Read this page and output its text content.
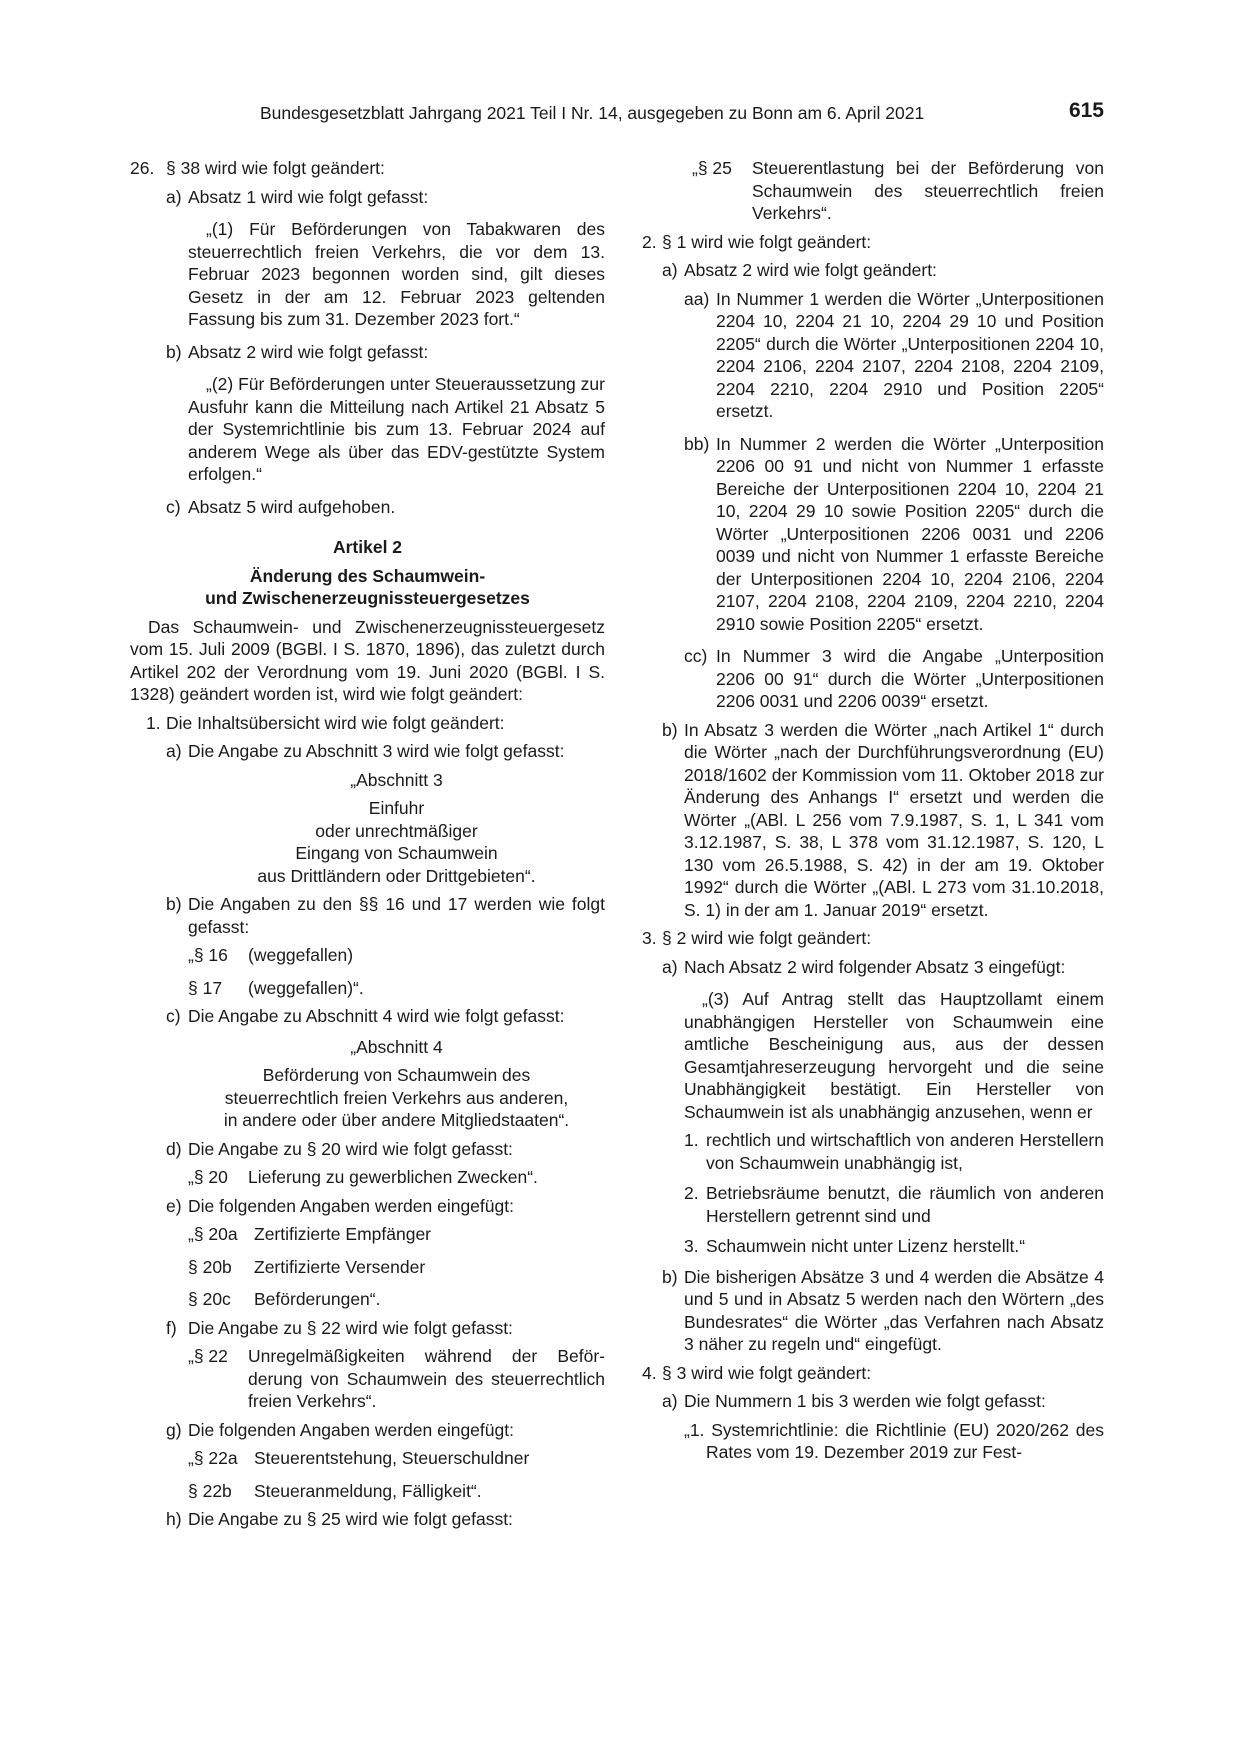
Bundesgesetzblatt Jahrgang 2021 Teil I Nr. 14, ausgegeben zu Bonn am 6. April 2021	615
26. § 38 wird wie folgt geändert:
a) Absatz 1 wird wie folgt gefasst:
„(1) Für Beförderungen von Tabakwaren des steuerrechtlich freien Verkehrs, die vor dem 13. Februar 2023 begonnen worden sind, gilt dieses Gesetz in der am 12. Februar 2023 geltenden Fassung bis zum 31. Dezember 2023 fort.“
b) Absatz 2 wird wie folgt gefasst:
„(2) Für Beförderungen unter Steueraussetzung zur Ausfuhr kann die Mitteilung nach Artikel 21 Absatz 5 der Systemrichtlinie bis zum 13. Februar 2024 auf anderem Wege als über das EDV-gestützte System erfolgen.“
c) Absatz 5 wird aufgehoben.
Artikel 2
Änderung des Schaumwein-
und Zwischenerzeugnissteuergesetzes
Das Schaumwein- und Zwischenerzeugnissteuergesetz vom 15. Juli 2009 (BGBl. I S. 1870, 1896), das zuletzt durch Artikel 202 der Verordnung vom 19. Juni 2020 (BGBl. I S. 1328) geändert worden ist, wird wie folgt geändert:
1. Die Inhaltsübersicht wird wie folgt geändert:
a) Die Angabe zu Abschnitt 3 wird wie folgt gefasst:
„Abschnitt 3
Einfuhr
oder unrechtmäßiger
Eingang von Schaumwein
aus Drittländern oder Drittgebieten“.
b) Die Angaben zu den §§ 16 und 17 werden wie folgt gefasst:
„§ 16	(weggefallen)
§ 17	(weggefallen)“.
c) Die Angabe zu Abschnitt 4 wird wie folgt gefasst:
„Abschnitt 4
Beförderung von Schaumwein des
steuerrechtlich freien Verkehrs aus anderen,
in andere oder über andere Mitgliedstaaten“.
d) Die Angabe zu § 20 wird wie folgt gefasst:
„§ 20	Lieferung zu gewerblichen Zwecken“.
e) Die folgenden Angaben werden eingefügt:
„§ 20a Zertifizierte Empfänger
§ 20b	Zertifizierte Versender
§ 20c	Beförderungen“.
f) Die Angabe zu § 22 wird wie folgt gefasst:
„§ 22	Unregelmäßigkeiten während der Beförderung von Schaumwein des steuerrechtlich freien Verkehrs“.
g) Die folgenden Angaben werden eingefügt:
„§ 22a Steuerentstehung, Steuerschuldner
§ 22b	Steueranmeldung, Fälligkeit“.
h) Die Angabe zu § 25 wird wie folgt gefasst:
„§ 25	Steuerentlastung bei der Beförderung von Schaumwein des steuerrechtlich freien Verkehrs“.
2. § 1 wird wie folgt geändert:
a) Absatz 2 wird wie folgt geändert:
aa) In Nummer 1 werden die Wörter „Unterpositionen 2204 10, 2204 21 10, 2204 29 10 und Position 2205“ durch die Wörter „Unterpositionen 2204 10, 2204 2106, 2204 2107, 2204 2108, 2204 2109, 2204 2210, 2204 2910 und Position 2205“ ersetzt.
bb) In Nummer 2 werden die Wörter „Unterposition 2206 00 91 und nicht von Nummer 1 erfasste Bereiche der Unterpositionen 2204 10, 2204 21 10, 2204 29 10 sowie Position 2205“ durch die Wörter „Unterpositionen 2206 0031 und 2206 0039 und nicht von Nummer 1 erfasste Bereiche der Unterpositionen 2204 10, 2204 2106, 2204 2107, 2204 2108, 2204 2109, 2204 2210, 2204 2910 sowie Position 2205“ ersetzt.
cc) In Nummer 3 wird die Angabe „Unterposition 2206 00 91“ durch die Wörter „Unterpositionen 2206 0031 und 2206 0039“ ersetzt.
b) In Absatz 3 werden die Wörter „nach Artikel 1“ durch die Wörter „nach der Durchführungsverordnung (EU) 2018/1602 der Kommission vom 11. Oktober 2018 zur Änderung des Anhangs I“ ersetzt und werden die Wörter „(ABl. L 256 vom 7.9.1987, S. 1, L 341 vom 3.12.1987, S. 38, L 378 vom 31.12.1987, S. 120, L 130 vom 26.5.1988, S. 42) in der am 19. Oktober 1992“ durch die Wörter „(ABl. L 273 vom 31.10.2018, S. 1) in der am 1. Januar 2019“ ersetzt.
3. § 2 wird wie folgt geändert:
a) Nach Absatz 2 wird folgender Absatz 3 eingefügt:
„(3) Auf Antrag stellt das Hauptzollamt einem unabhängigen Hersteller von Schaumwein eine amtliche Bescheinigung aus, aus der dessen Gesamtjahreserzeugung hervorgeht und die seine Unabhängigkeit bestätigt. Ein Hersteller von Schaumwein ist als unabhängig anzusehen, wenn er
1. rechtlich und wirtschaftlich von anderen Herstellern von Schaumwein unabhängig ist,
2. Betriebsräume benutzt, die räumlich von anderen Herstellern getrennt sind und
3. Schaumwein nicht unter Lizenz herstellt.“
b) Die bisherigen Absätze 3 und 4 werden die Absätze 4 und 5 und in Absatz 5 werden nach den Wörtern „des Bundesrates“ die Wörter „das Verfahren nach Absatz 3 näher zu regeln und“ eingefügt.
4. § 3 wird wie folgt geändert:
a) Die Nummern 1 bis 3 werden wie folgt gefasst:
„1. Systemrichtlinie: die Richtlinie (EU) 2020/262 des Rates vom 19. Dezember 2019 zur Fest-
